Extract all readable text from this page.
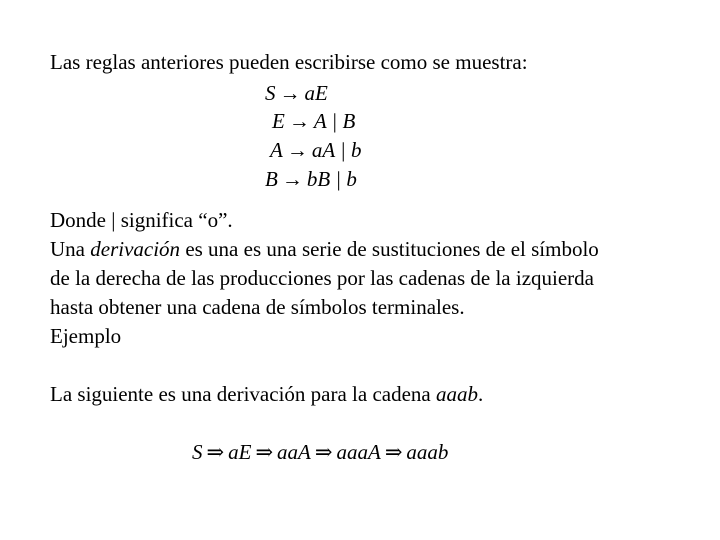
Las reglas anteriores pueden escribirse como se muestra:
S → aE
E → A | B
A → aA | b
B → bB | b
Donde | significa “o”.
Una derivación es una es una serie de sustituciones de el símbolo
de la derecha de las producciones por las cadenas de la izquierda
hasta obtener una cadena de símbolos terminales.
Ejemplo
La siguiente es una derivación para la cadena aaab.
S ⇒ aE ⇒ aaA ⇒ aaaA ⇒ aaab
